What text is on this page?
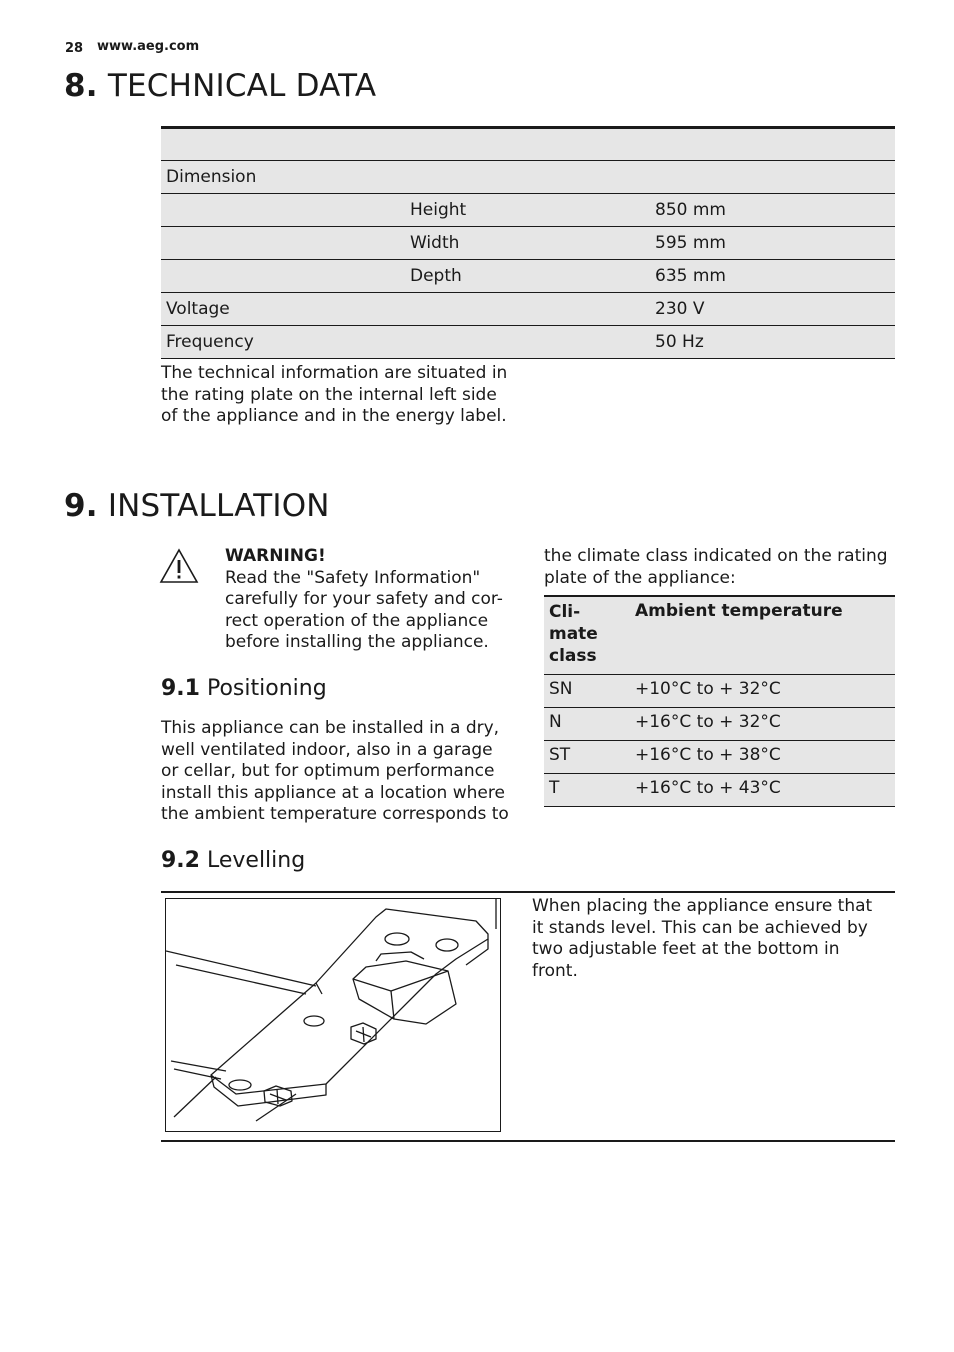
28 www.aeg.com
8. TECHNICAL DATA
Dimension
Height	850 mm
Width	595 mm
Depth	635 mm
Voltage	230 V
Frequency	50 Hz
The technical information are situated in
the rating plate on the internal left side
of the appliance and in the energy label.
9. INSTALLATION
WARNING!
Read the "Safety Information"
carefully for your safety and cor-
rect operation of the appliance
before installing the appliance.
9.1 Positioning
This appliance can be installed in a dry,
well ventilated indoor, also in a garage
or cellar, but for optimum performance
install this appliance at a location where
the ambient temperature corresponds to
the climate class indicated on the rating
plate of the appliance:
Cli-
mate
class
Ambient temperature
SN	+10°C to + 32°C
N	+16°C to + 32°C
ST	+16°C to + 38°C
T	+16°C to + 43°C
9.2 Levelling
When placing the appliance ensure that
it stands level. This can be achieved by
two adjustable feet at the bottom in
front.
